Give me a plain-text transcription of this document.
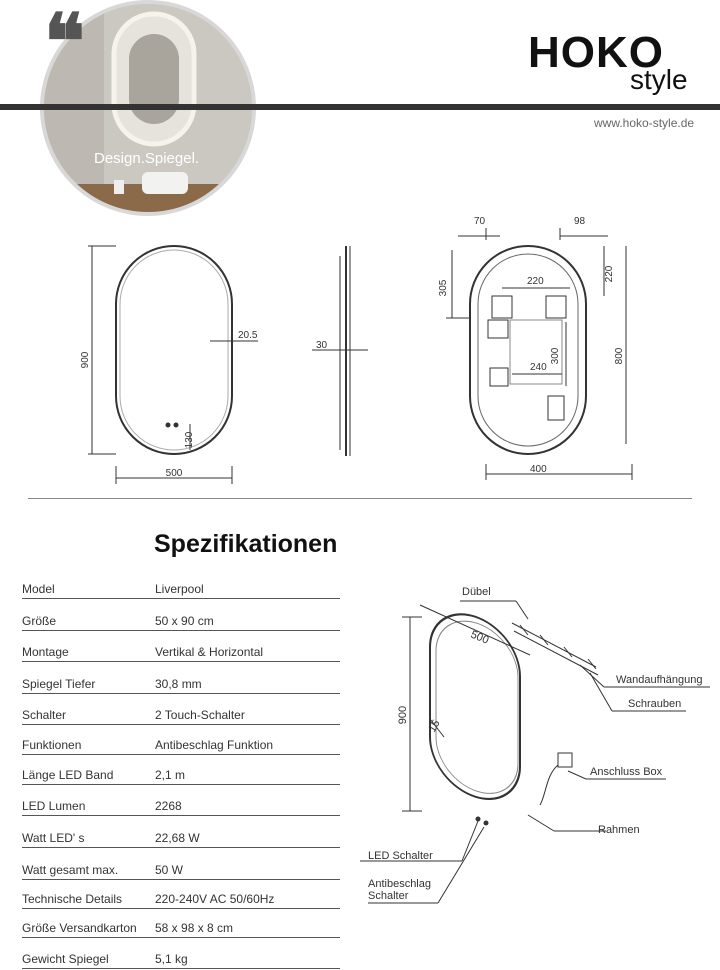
❝
Design.Spiegel.
HOKO
style
www.hoko-style.de
900
500
20.5
130
30
70	98
305	220	220
300
240
800
400
Spezifikationen
Model	Liverpool
Größe	50 x 90 cm
Montage	Vertikal & Horizontal
Spiegel Tiefer	30,8 mm
Schalter	2 Touch-Schalter
Funktionen	Antibeschlag Funktion
Länge LED Band	2,1 m
LED Lumen	2268
Watt LED' s	22,68 W
Watt gesamt max.	50 W
Technische Details	220-240V AC 50/60Hz
Größe Versandkarton 58 x 98 x 8 cm
Gewicht Spiegel	5,1 kg
500
900
15
Dübel
Wandaufhängung
Schrauben
Anschluss Box
Rahmen
LED Schalter
Antibeschlag
Schalter
